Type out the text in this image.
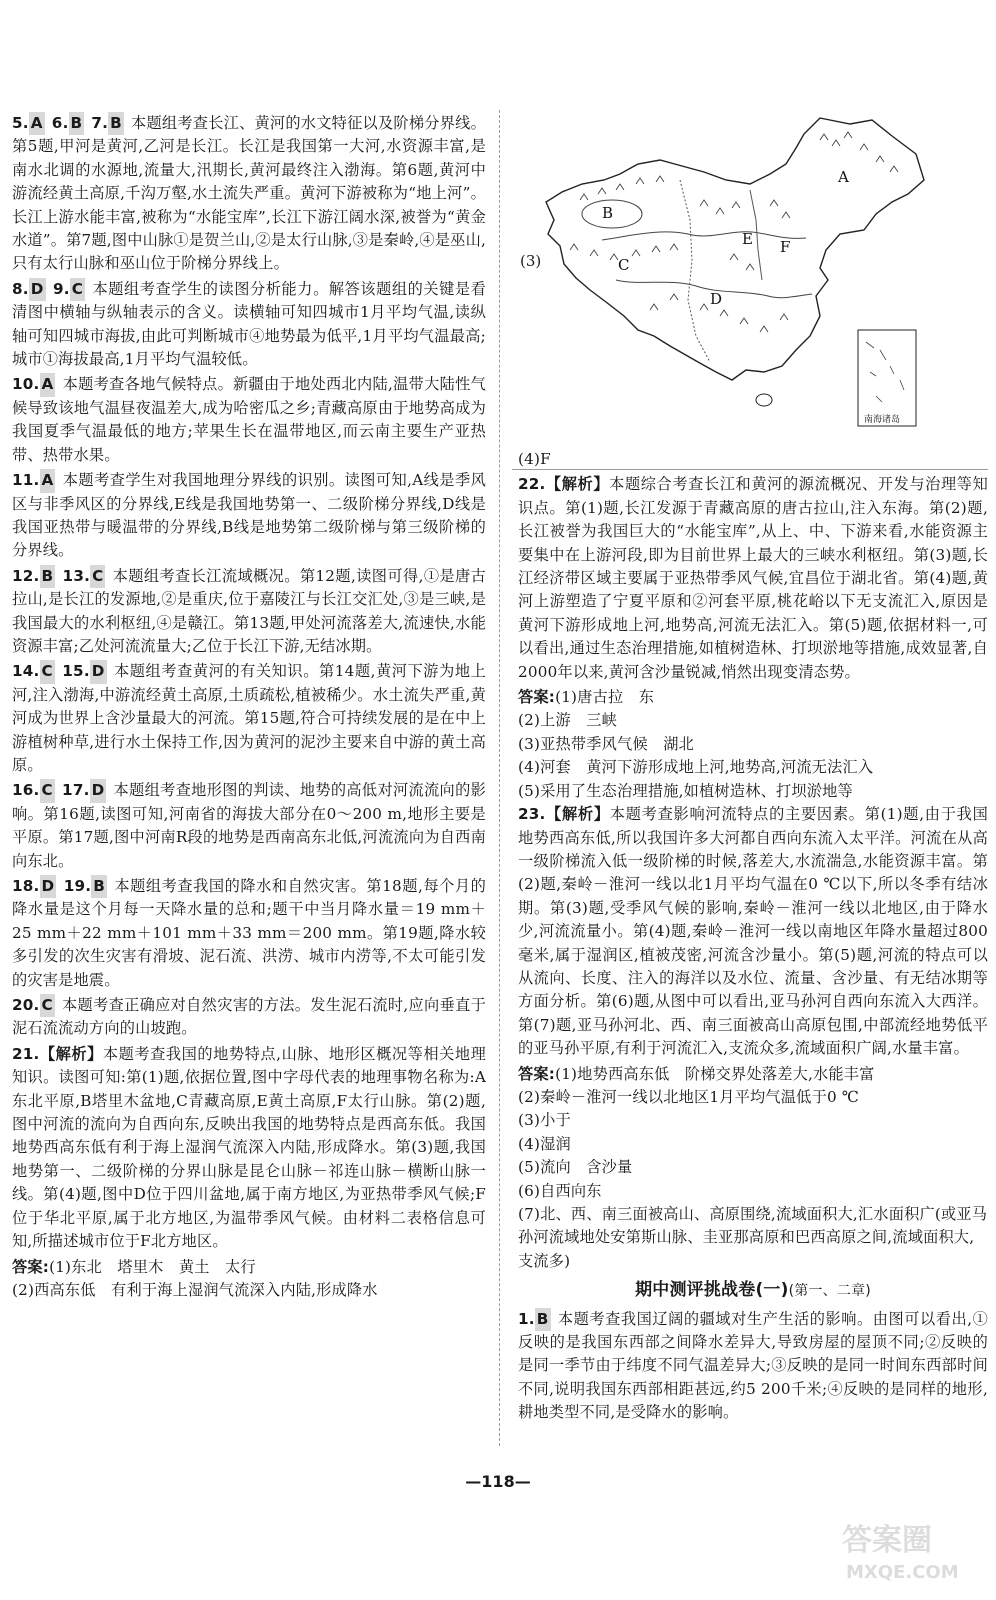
5. A 6. B 7. B 本题组考查长江、黄河的水文特征以及阶梯分界线。第5题,甲河是黄河,乙河是长江。长江是我国第一大河,水资源丰富,是南水北调的水源地,流量大,汛期长,黄河最终注入渤海。第6题,黄河中游流经黄土高原,千沟万壑,水土流失严重。黄河下游被称为“地上河”。长江上游水能丰富,被称为“水能宝库”,长江下游江阔水深,被誉为“黄金水道”。第7题,图中山脉①是贺兰山,②是太行山脉,③是秦岭,④是巫山,只有太行山脉和巫山位于阶梯分界线上。

8. D 9. C 本题组考查学生的读图分析能力。解答该题组的关键是看清图中横轴与纵轴表示的含义。读横轴可知四城市1月平均气温,读纵轴可知四城市海拔,由此可判断城市④地势最为低平,1月平均气温最高;城市①海拔最高,1月平均气温较低。

10. A 本题考查各地气候特点。新疆由于地处西北内陆,温带大陆性气候导致该地气温昼夜温差大,成为哈密瓜之乡;青藏高原由于地势高成为我国夏季气温最低的地方;苹果生长在温带地区,而云南主要生产亚热带、热带水果。

11. A 本题考查学生对我国地理分界线的识别。读图可知,A线是季风区与非季风区的分界线,E线是我国地势第一、二级阶梯分界线,D线是我国亚热带与暖温带的分界线,B线是地势第二级阶梯与第三级阶梯的分界线。

12. B 13. C 本题组考查长江流域概况。第12题,读图可得,①是唐古拉山,是长江的发源地,②是重庆,位于嘉陵江与长江交汇处,③是三峡,是我国最大的水利枢纽,④是赣江。第13题,甲处河流落差大,流速快,水能资源丰富;乙处河流流量大;乙位于长江下游,无结冰期。

14. C 15. D 本题组考查黄河的有关知识。第14题,黄河下游为地上河,注入渤海,中游流经黄土高原,土质疏松,植被稀少。水土流失严重,黄河成为世界上含沙量最大的河流。第15题,符合可持续发展的是在中上游植树种草,进行水土保持工作,因为黄河的泥沙主要来自中游的黄土高原。

16. C 17. D 本题组考查地形图的判读、地势的高低对河流流向的影响。第16题,读图可知,河南省的海拔大部分在0～200 m,地形主要是平原。第17题,图中河南R段的地势是西南高东北低,河流流向为自西南向东北。

18. D 19. B 本题组考查我国的降水和自然灾害。第18题,每个月的降水量是这个月每一天降水量的总和;题干中当月降水量＝19 mm＋25 mm＋22 mm＋101 mm＋33 mm＝200 mm。第19题,降水较多引发的次生灾害有滑坡、泥石流、洪涝、城市内涝等,不太可能引发的灾害是地震。

20. C 本题考查正确应对自然灾害的方法。发生泥石流时,应向垂直于泥石流流动方向的山坡跑。

21.【解析】本题考查我国的地势特点,山脉、地形区概况等相关地理知识。读图可知:第(1)题,依据位置,图中字母代表的地理事物名称为:A东北平原,B塔里木盆地,C青藏高原,E黄土高原,F太行山脉。第(2)题,图中河流的流向为自西向东,反映出我国的地势特点是西高东低。我国地势西高东低有利于海上湿润气流深入内陆,形成降水。第(3)题,我国地势第一、二级阶梯的分界山脉是昆仑山脉－祁连山脉－横断山脉一线。第(4)题,图中D位于四川盆地,属于南方地区,为亚热带季风气候;F位于华北平原,属于北方地区,为温带季风气候。由材料二表格信息可知,所描述城市位于F北方地区。

答案:(1)东北　塔里木　黄土　太行

(2)西高东低　有利于海上湿润气流深入内陆,形成降水

(3)
A
B
C
D
E F
南海诸岛

(4)F

22.【解析】本题综合考查长江和黄河的源流概况、开发与治理等知识点。第(1)题,长江发源于青藏高原的唐古拉山,注入东海。第(2)题,长江被誉为我国巨大的“水能宝库”,从上、中、下游来看,水能资源主要集中在上游河段,即为目前世界上最大的三峡水利枢纽。第(3)题,长江经济带区域主要属于亚热带季风气候,宜昌位于湖北省。第(4)题,黄河上游塑造了宁夏平原和②河套平原,桃花峪以下无支流汇入,原因是黄河下游形成地上河,地势高,河流无法汇入。第(5)题,依据材料一,可以看出,通过生态治理措施,如植树造林、打坝淤地等措施,成效显著,自2000年以来,黄河含沙量锐减,悄然出现变清态势。

答案:(1)唐古拉　东

(2)上游　三峡

(3)亚热带季风气候　湖北

(4)河套　黄河下游形成地上河,地势高,河流无法汇入

(5)采用了生态治理措施,如植树造林、打坝淤地等

23.【解析】本题考查影响河流特点的主要因素。第(1)题,由于我国地势西高东低,所以我国许多大河都自西向东流入太平洋。河流在从高一级阶梯流入低一级阶梯的时候,落差大,水流湍急,水能资源丰富。第(2)题,秦岭－淮河一线以北1月平均气温在0 ℃以下,所以冬季有结冰期。第(3)题,受季风气候的影响,秦岭－淮河一线以北地区,由于降水少,河流流量小。第(4)题,秦岭－淮河一线以南地区年降水量超过800毫米,属于湿润区,植被茂密,河流含沙量小。第(5)题,河流的特点可以从流向、长度、注入的海洋以及水位、流量、含沙量、有无结冰期等方面分析。第(6)题,从图中可以看出,亚马孙河自西向东流入大西洋。第(7)题,亚马孙河北、西、南三面被高山高原包围,中部流经地势低平的亚马孙平原,有利于河流汇入,支流众多,流域面积广阔,水量丰富。

答案:(1)地势西高东低　阶梯交界处落差大,水能丰富

(2)秦岭－淮河一线以北地区1月平均气温低于0 ℃

(3)小于

(4)湿润

(5)流向　含沙量

(6)自西向东

(7)北、西、南三面被高山、高原围绕,流域面积大,汇水面积广(或亚马孙河流域地处安第斯山脉、圭亚那高原和巴西高原之间,流域面积大,支流多)

期中测评挑战卷(一)(第一、二章)

1. B 本题考查我国辽阔的疆域对生产生活的影响。由图可以看出,①反映的是我国东西部之间降水差异大,导致房屋的屋顶不同;②反映的是同一季节由于纬度不同气温差异大;③反映的是同一时间东西部时间不同,说明我国东西部相距甚远,约5 200千米;④反映的是同样的地形,耕地类型不同,是受降水的影响。

—118—
答案圈
MXQE.COM
